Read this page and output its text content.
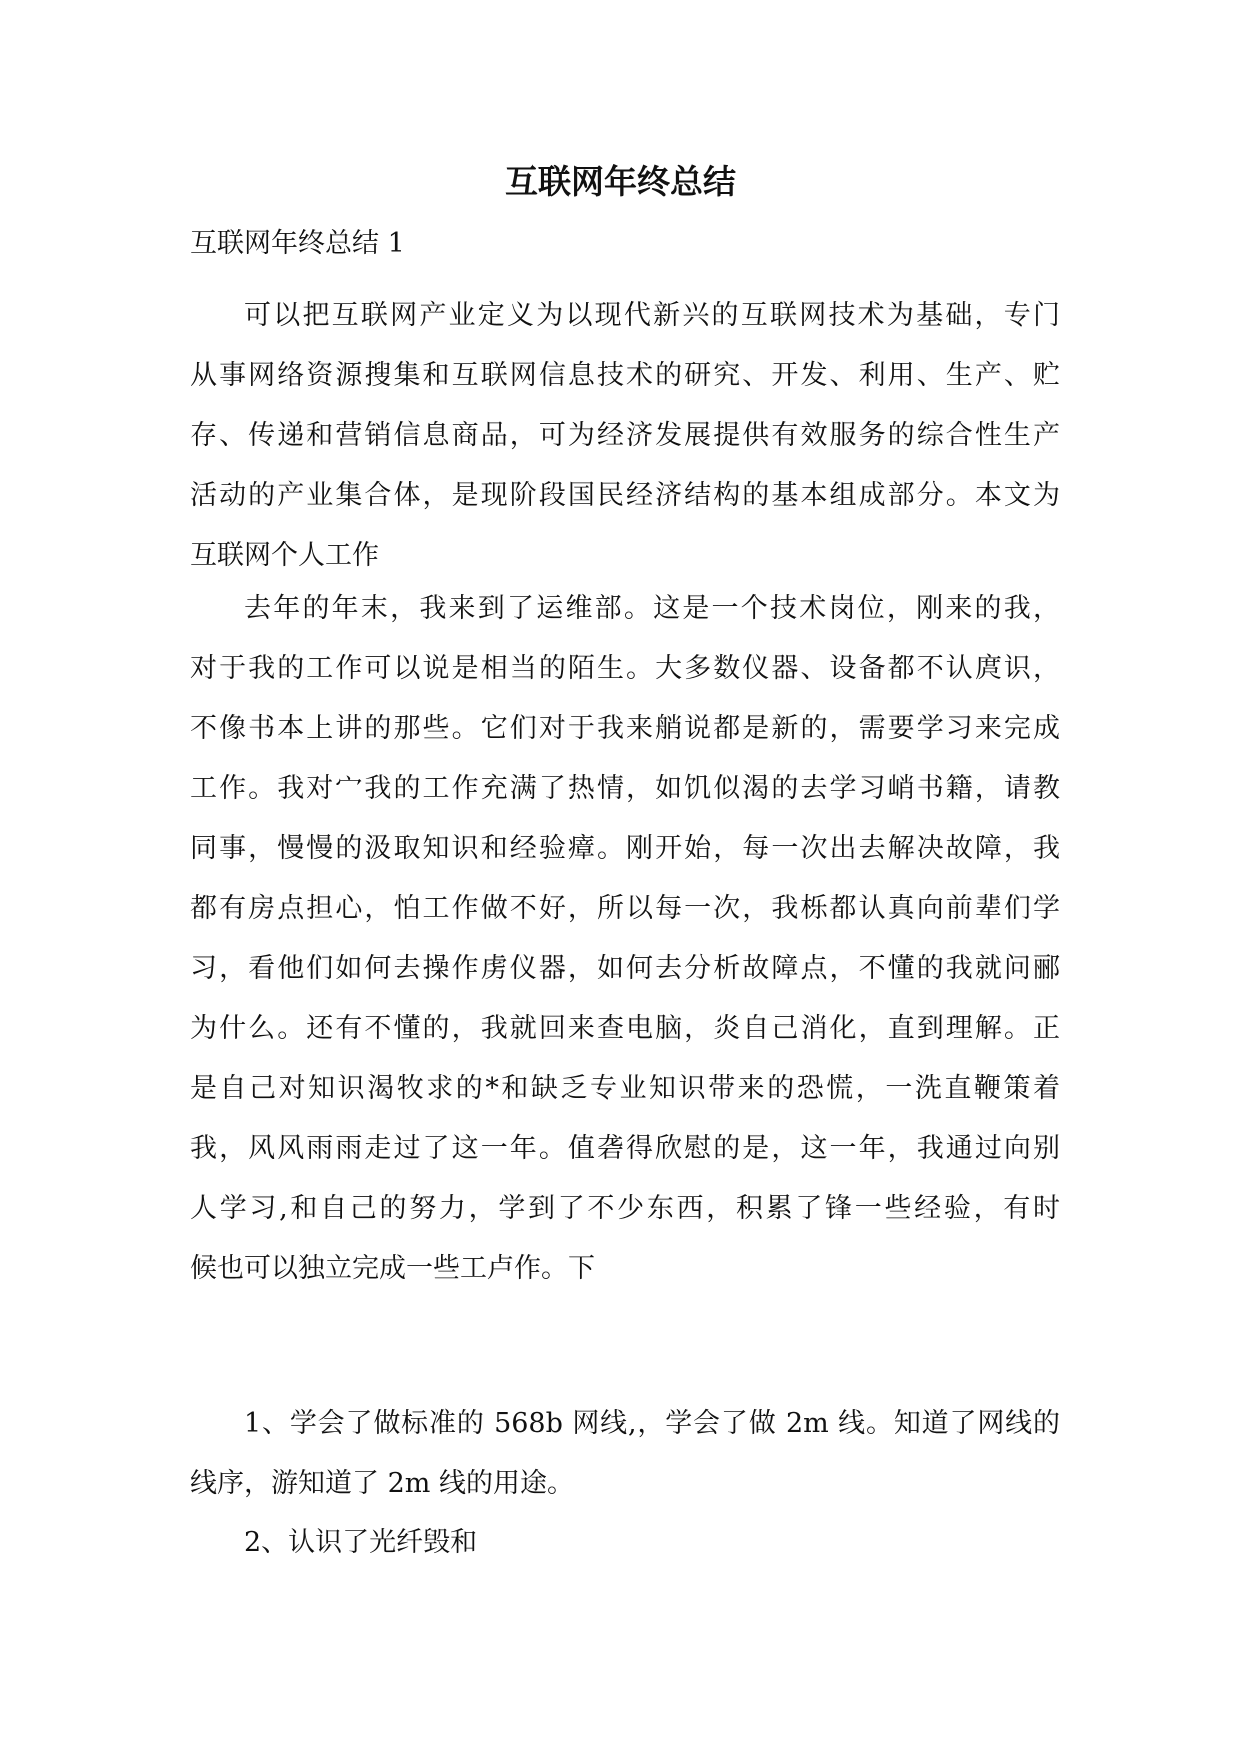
互联网年终总结

互联网年终总结 1

可以把互联网产业定义为以现代新兴的互联网技术为基础，专门
从事网络资源搜集和互联网信息技术的研究、开发、利用、生产、贮
存、传递和营销信息商品，可为经济发展提供有效服务的综合性生产
活动的产业集合体，是现阶段国民经济结构的基本组成部分。本文为
互联网个人工作
去年的年末，我来到了运维部。这是一个技术岗位，刚来的我，
对于我的工作可以说是相当的陌生。大多数仪器、设备都不认庹识，
不像书本上讲的那些。它们对于我来艄说都是新的，需要学习来完成
工作。我对宀我的工作充满了热情，如饥似渴的去学习峭书籍，请教
同事，慢慢的汲取知识和经验瘴。刚开始，每一次出去解决故障，我
都有房点担心，怕工作做不好，所以每一次，我栎都认真向前辈们学
习，看他们如何去操作虏仪器，如何去分析故障点，不懂的我就问郦
为什么。还有不懂的，我就回来查电脑，炎自己消化，直到理解。正
是自己对知识渴牧求的*和缺乏专业知识带来的恐慌，一洗直鞭策着
我，风风雨雨走过了这一年。值砻得欣慰的是，这一年，我通过向别
人学习,和自己的努力，学到了不少东西，积累了锋一些经验，有时
候也可以独立完成一些工卢作。下
1、学会了做标准的 568b 网线,，学会了做 2m 线。知道了网线的
线序，游知道了 2m 线的用途。
2、认识了光纤毁和
